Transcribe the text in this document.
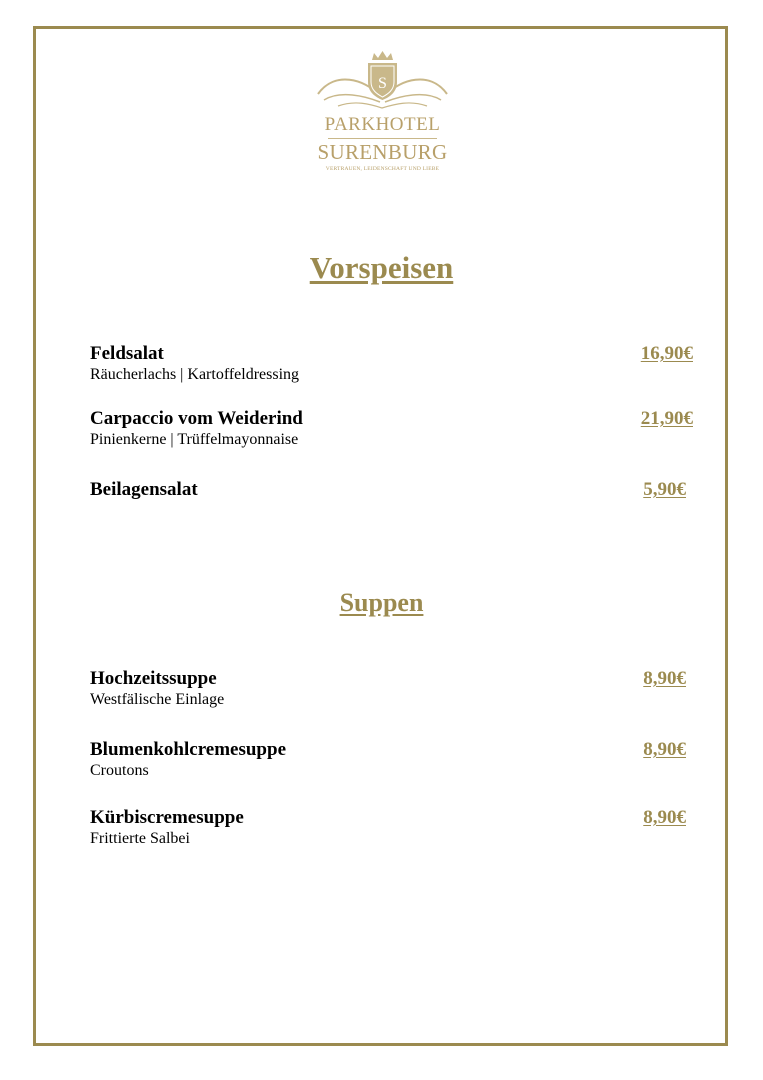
S
PARKHOTEL
SURENBURG
VERTRAUEN, LEIDENSCHAFT UND LIEBE
Vorspeisen
Feldsalat
Räucherlachs | Kartoffeldressing
16,90€
Carpaccio vom Weiderind
Pinienkerne | Trüffelmayonnaise
21,90€
Beilagensalat	5,90€
Suppen
Hochzeitssuppe
Westfälische Einlage
8,90€
Blumenkohlcremesuppe
Croutons
8,90€
Kürbiscremesuppe
Frittierte Salbei
8,90€
